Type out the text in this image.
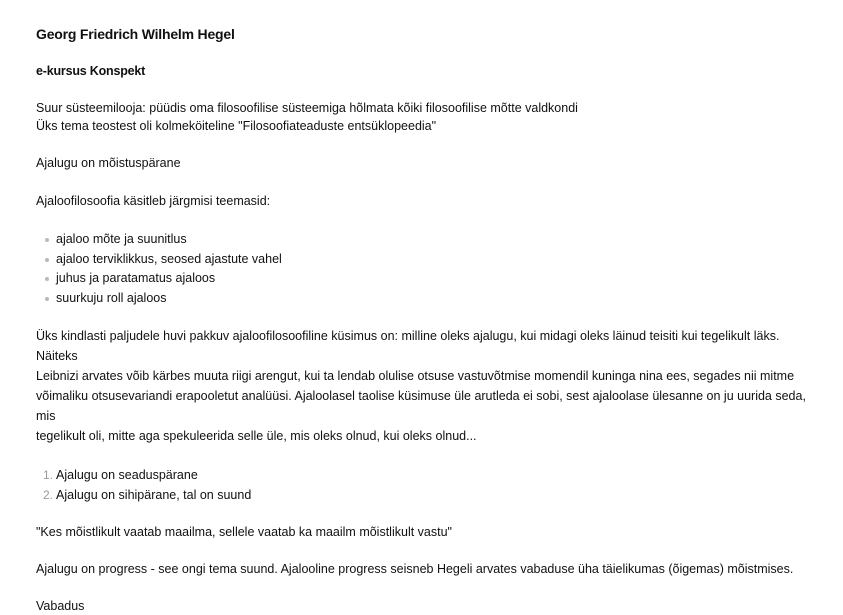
Georg Friedrich Wilhelm Hegel
e-kursus Konspekt

Suur süsteemilooja: püüdis oma filosoofilise süsteemiga hõlmata kõiki filosoofilise mõtte valdkondi

Üks tema teostest oli kolmeköiteline "Filosoofiateaduste entsüklopeedia"

Ajalugu on mõistuspärane

Ajaloofilosoofia käsitleb järgmisi teemasid:

ajaloo mõte ja suunitlus
ajaloo terviklikkus, seosed ajastute vahel
juhus ja paratamatus ajaloos
suurkuju roll ajaloos

Üks kindlasti paljudele huvi pakkuv ajaloofilosoofiline küsimus on: milline oleks ajalugu, kui midagi oleks läinud teisiti kui tegelikult läks. Näiteks

Leibnizi arvates võib kärbes muuta riigi arengut, kui ta lendab olulise otsuse vastuvõtmise momendil kuninga nina ees, segades nii mitme

võimaliku otsusevariandi erapooletut analüüsi. Ajaloolasel taolise küsimuse üle arutleda ei sobi, sest ajaloolase ülesanne on ju uurida seda, mis

tegelikult oli, mitte aga spekuleerida selle üle, mis oleks olnud, kui oleks olnud...

1. Ajalugu on seaduspärane
2. Ajalugu on sihipärane, tal on suund

"Kes mõistlikult vaatab maailma, sellele vaatab ka maailm mõistlikult vastu"

Ajalugu on progress - see ongi tema suund. Ajalooline progress seisneb Hegeli arvates vabaduse üha täielikumas (õigemas) mõistmises.

Vabadus
